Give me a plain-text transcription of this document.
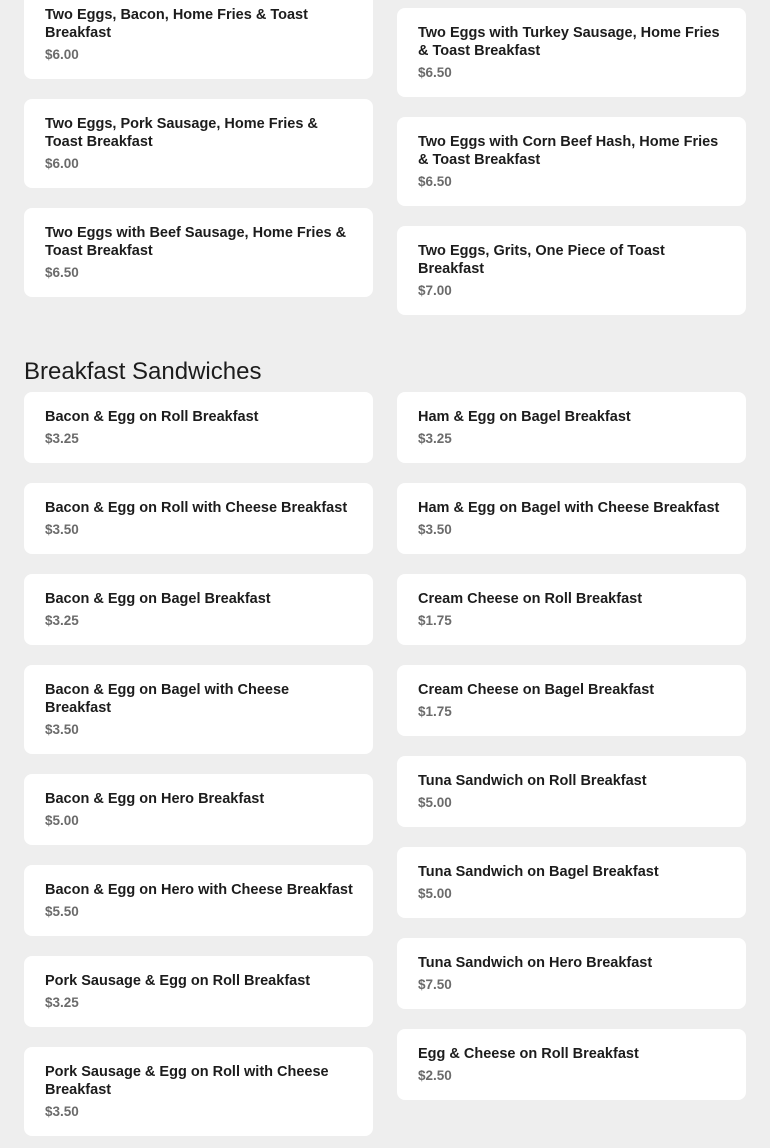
Two Eggs, Bacon, Home Fries & Toast Breakfast
$6.00
Two Eggs, Pork Sausage, Home Fries & Toast Breakfast
$6.00
Two Eggs with Beef Sausage, Home Fries & Toast Breakfast
$6.50
Two Eggs with Turkey Sausage, Home Fries & Toast Breakfast
$6.50
Two Eggs with Corn Beef Hash, Home Fries & Toast Breakfast
$6.50
Two Eggs, Grits, One Piece of Toast Breakfast
$7.00
Breakfast Sandwiches
Bacon & Egg on Roll Breakfast
$3.25
Bacon & Egg on Roll with Cheese Breakfast
$3.50
Bacon & Egg on Bagel Breakfast
$3.25
Bacon & Egg on Bagel with Cheese Breakfast
$3.50
Bacon & Egg on Hero Breakfast
$5.00
Bacon & Egg on Hero with Cheese Breakfast
$5.50
Pork Sausage & Egg on Roll Breakfast
$3.25
Pork Sausage & Egg on Roll with Cheese Breakfast
$3.50
Ham & Egg on Bagel Breakfast
$3.25
Ham & Egg on Bagel with Cheese Breakfast
$3.50
Cream Cheese on Roll Breakfast
$1.75
Cream Cheese on Bagel Breakfast
$1.75
Tuna Sandwich on Roll Breakfast
$5.00
Tuna Sandwich on Bagel Breakfast
$5.00
Tuna Sandwich on Hero Breakfast
$7.50
Egg & Cheese on Roll Breakfast
$2.50
